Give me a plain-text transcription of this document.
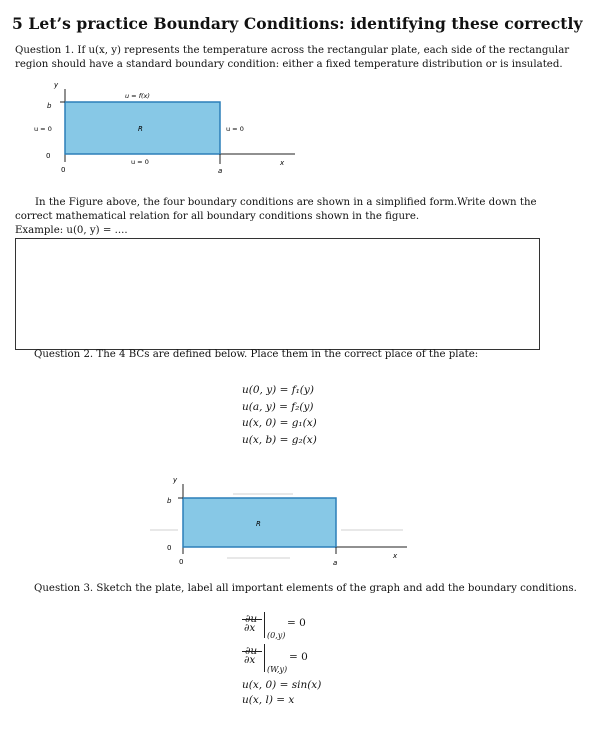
5 Let’s practice Boundary Conditions: identifying these correctly
Question 1. If u(x, y) represents the temperature across the rectangular plate, each side of the rectangular region should have a standard boundary condition: either a fixed temperature distribution or is insulated.
y
b
0
0	a
x
u = f(x)
u = 0	u = 0
u = 0
R
In the Figure above, the four boundary conditions are shown in a simplified form.Write down the correct mathematical relation for all boundary conditions shown in the figure.
Example: u(0, y) = ....
Question 2. The 4 BCs are defined below. Place them in the correct place of the plate:
u(0, y) = f₁(y)
u(a, y) = f₂(y)
u(x, 0) = g₁(x)
u(x, b) = g₂(x)
y
b
0
0	a
x
R
Question 3. Sketch the plate, label all important elements of the graph and add the boundary conditions.
∂u
∂x
(0,y)
= 0
∂u
∂x
(W,y)
= 0
u(x, 0) = sin(x)
u(x, l) = x
